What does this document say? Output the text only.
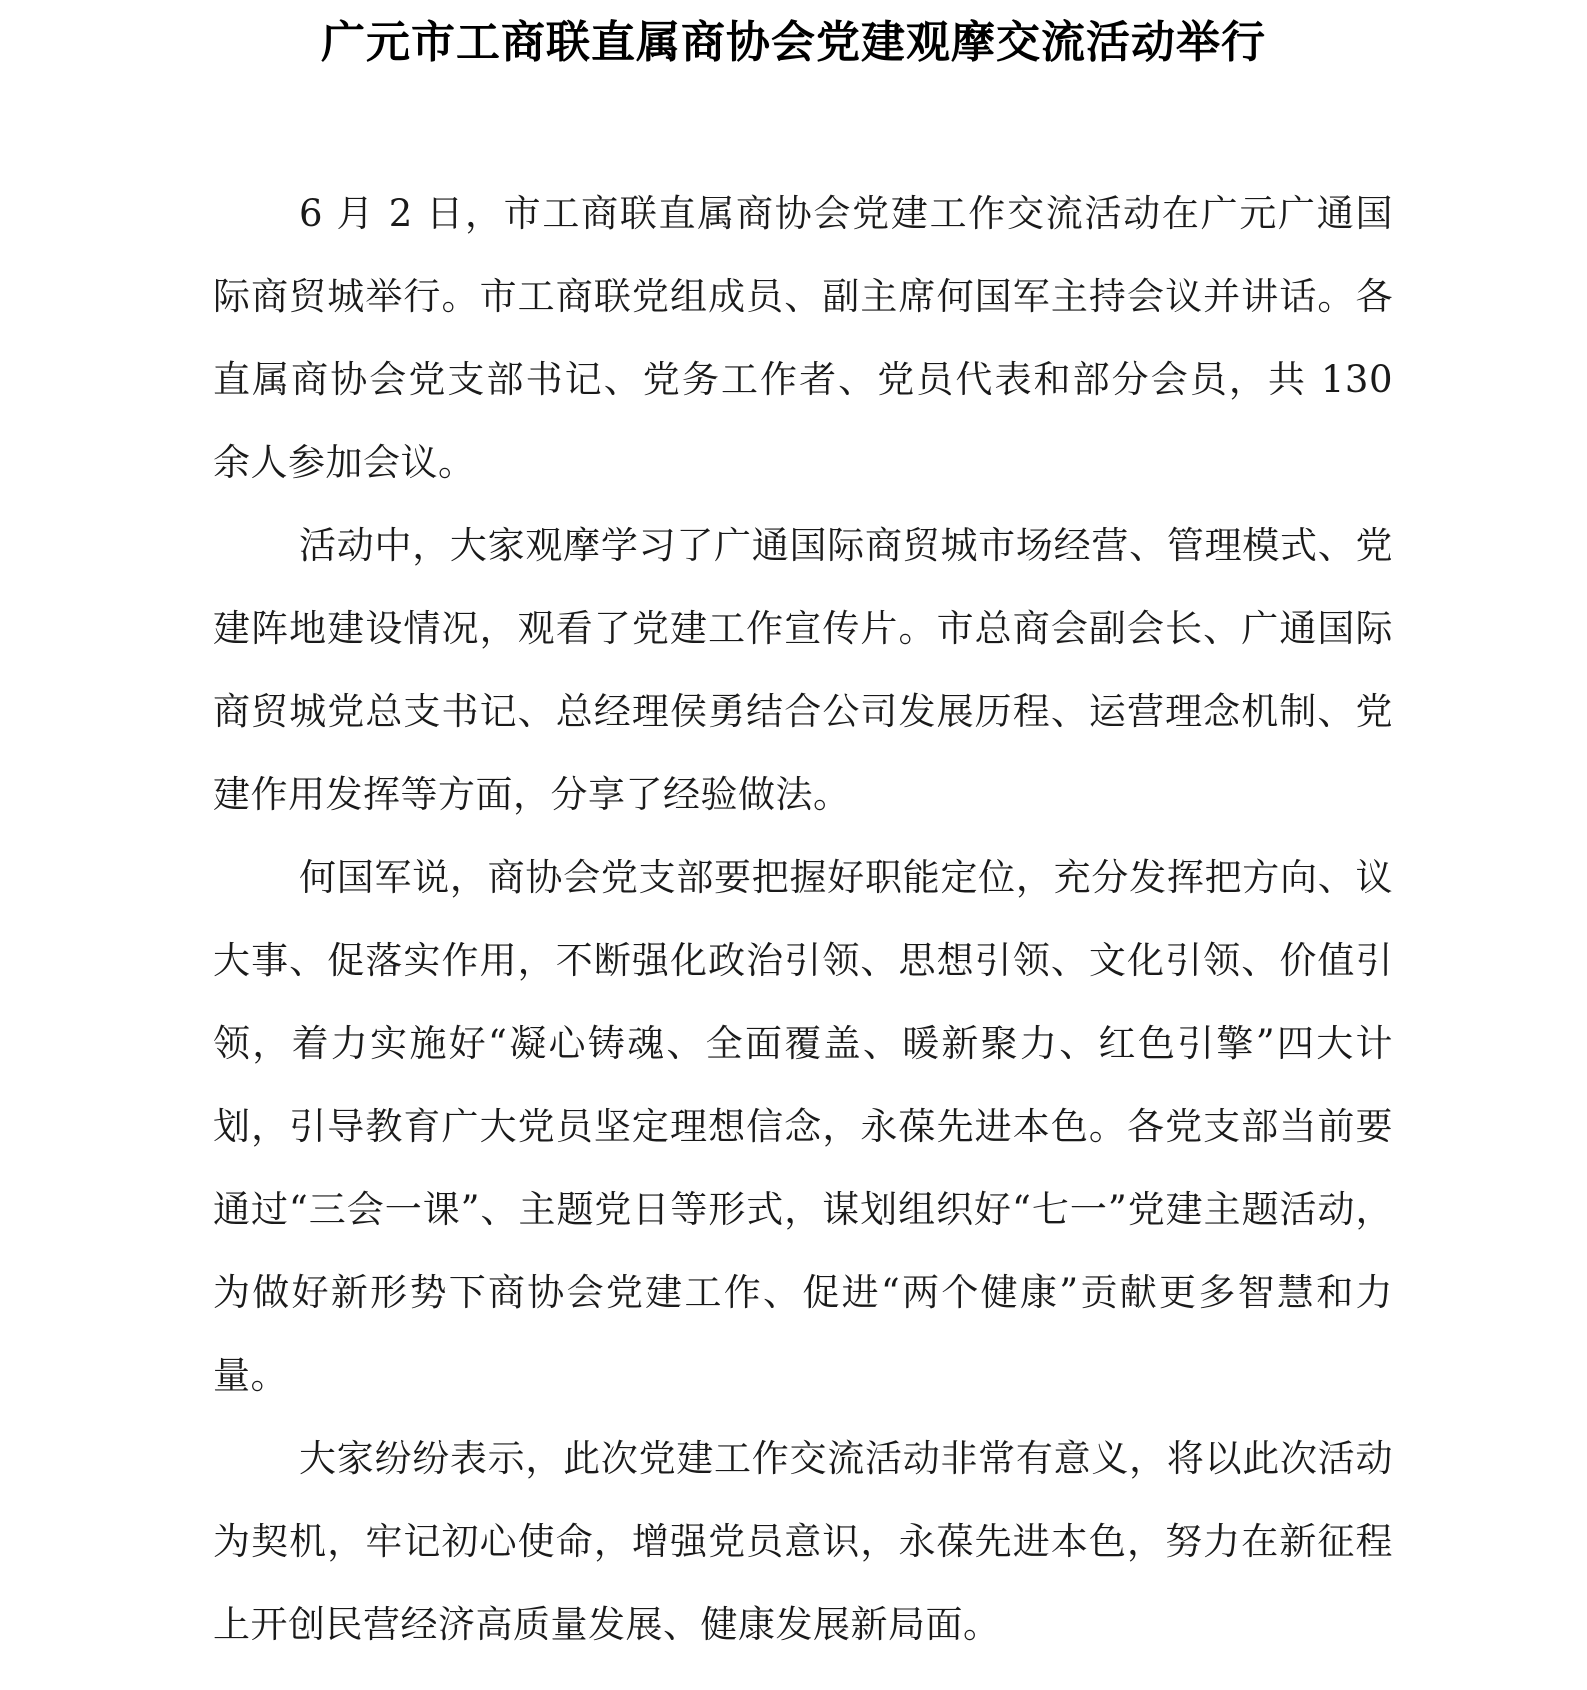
广元市工商联直属商协会党建观摩交流活动举行

6 月 2 日，市工商联直属商协会党建工作交流活动在广元广通国际商贸城举行。市工商联党组成员、副主席何国军主持会议并讲话。各直属商协会党支部书记、党务工作者、党员代表和部分会员，共 130 余人参加会议。

活动中，大家观摩学习了广通国际商贸城市场经营、管理模式、党建阵地建设情况，观看了党建工作宣传片。市总商会副会长、广通国际商贸城党总支书记、总经理侯勇结合公司发展历程、运营理念机制、党建作用发挥等方面，分享了经验做法。

何国军说，商协会党支部要把握好职能定位，充分发挥把方向、议大事、促落实作用，不断强化政治引领、思想引领、文化引领、价值引领，着力实施好“凝心铸魂、全面覆盖、暖新聚力、红色引擎”四大计划，引导教育广大党员坚定理想信念，永葆先进本色。各党支部当前要通过“三会一课”、主题党日等形式，谋划组织好“七一”党建主题活动，为做好新形势下商协会党建工作、促进“两个健康”贡献更多智慧和力量。

大家纷纷表示，此次党建工作交流活动非常有意义，将以此次活动为契机，牢记初心使命，增强党员意识，永葆先进本色，努力在新征程上开创民营经济高质量发展、健康发展新局面。
